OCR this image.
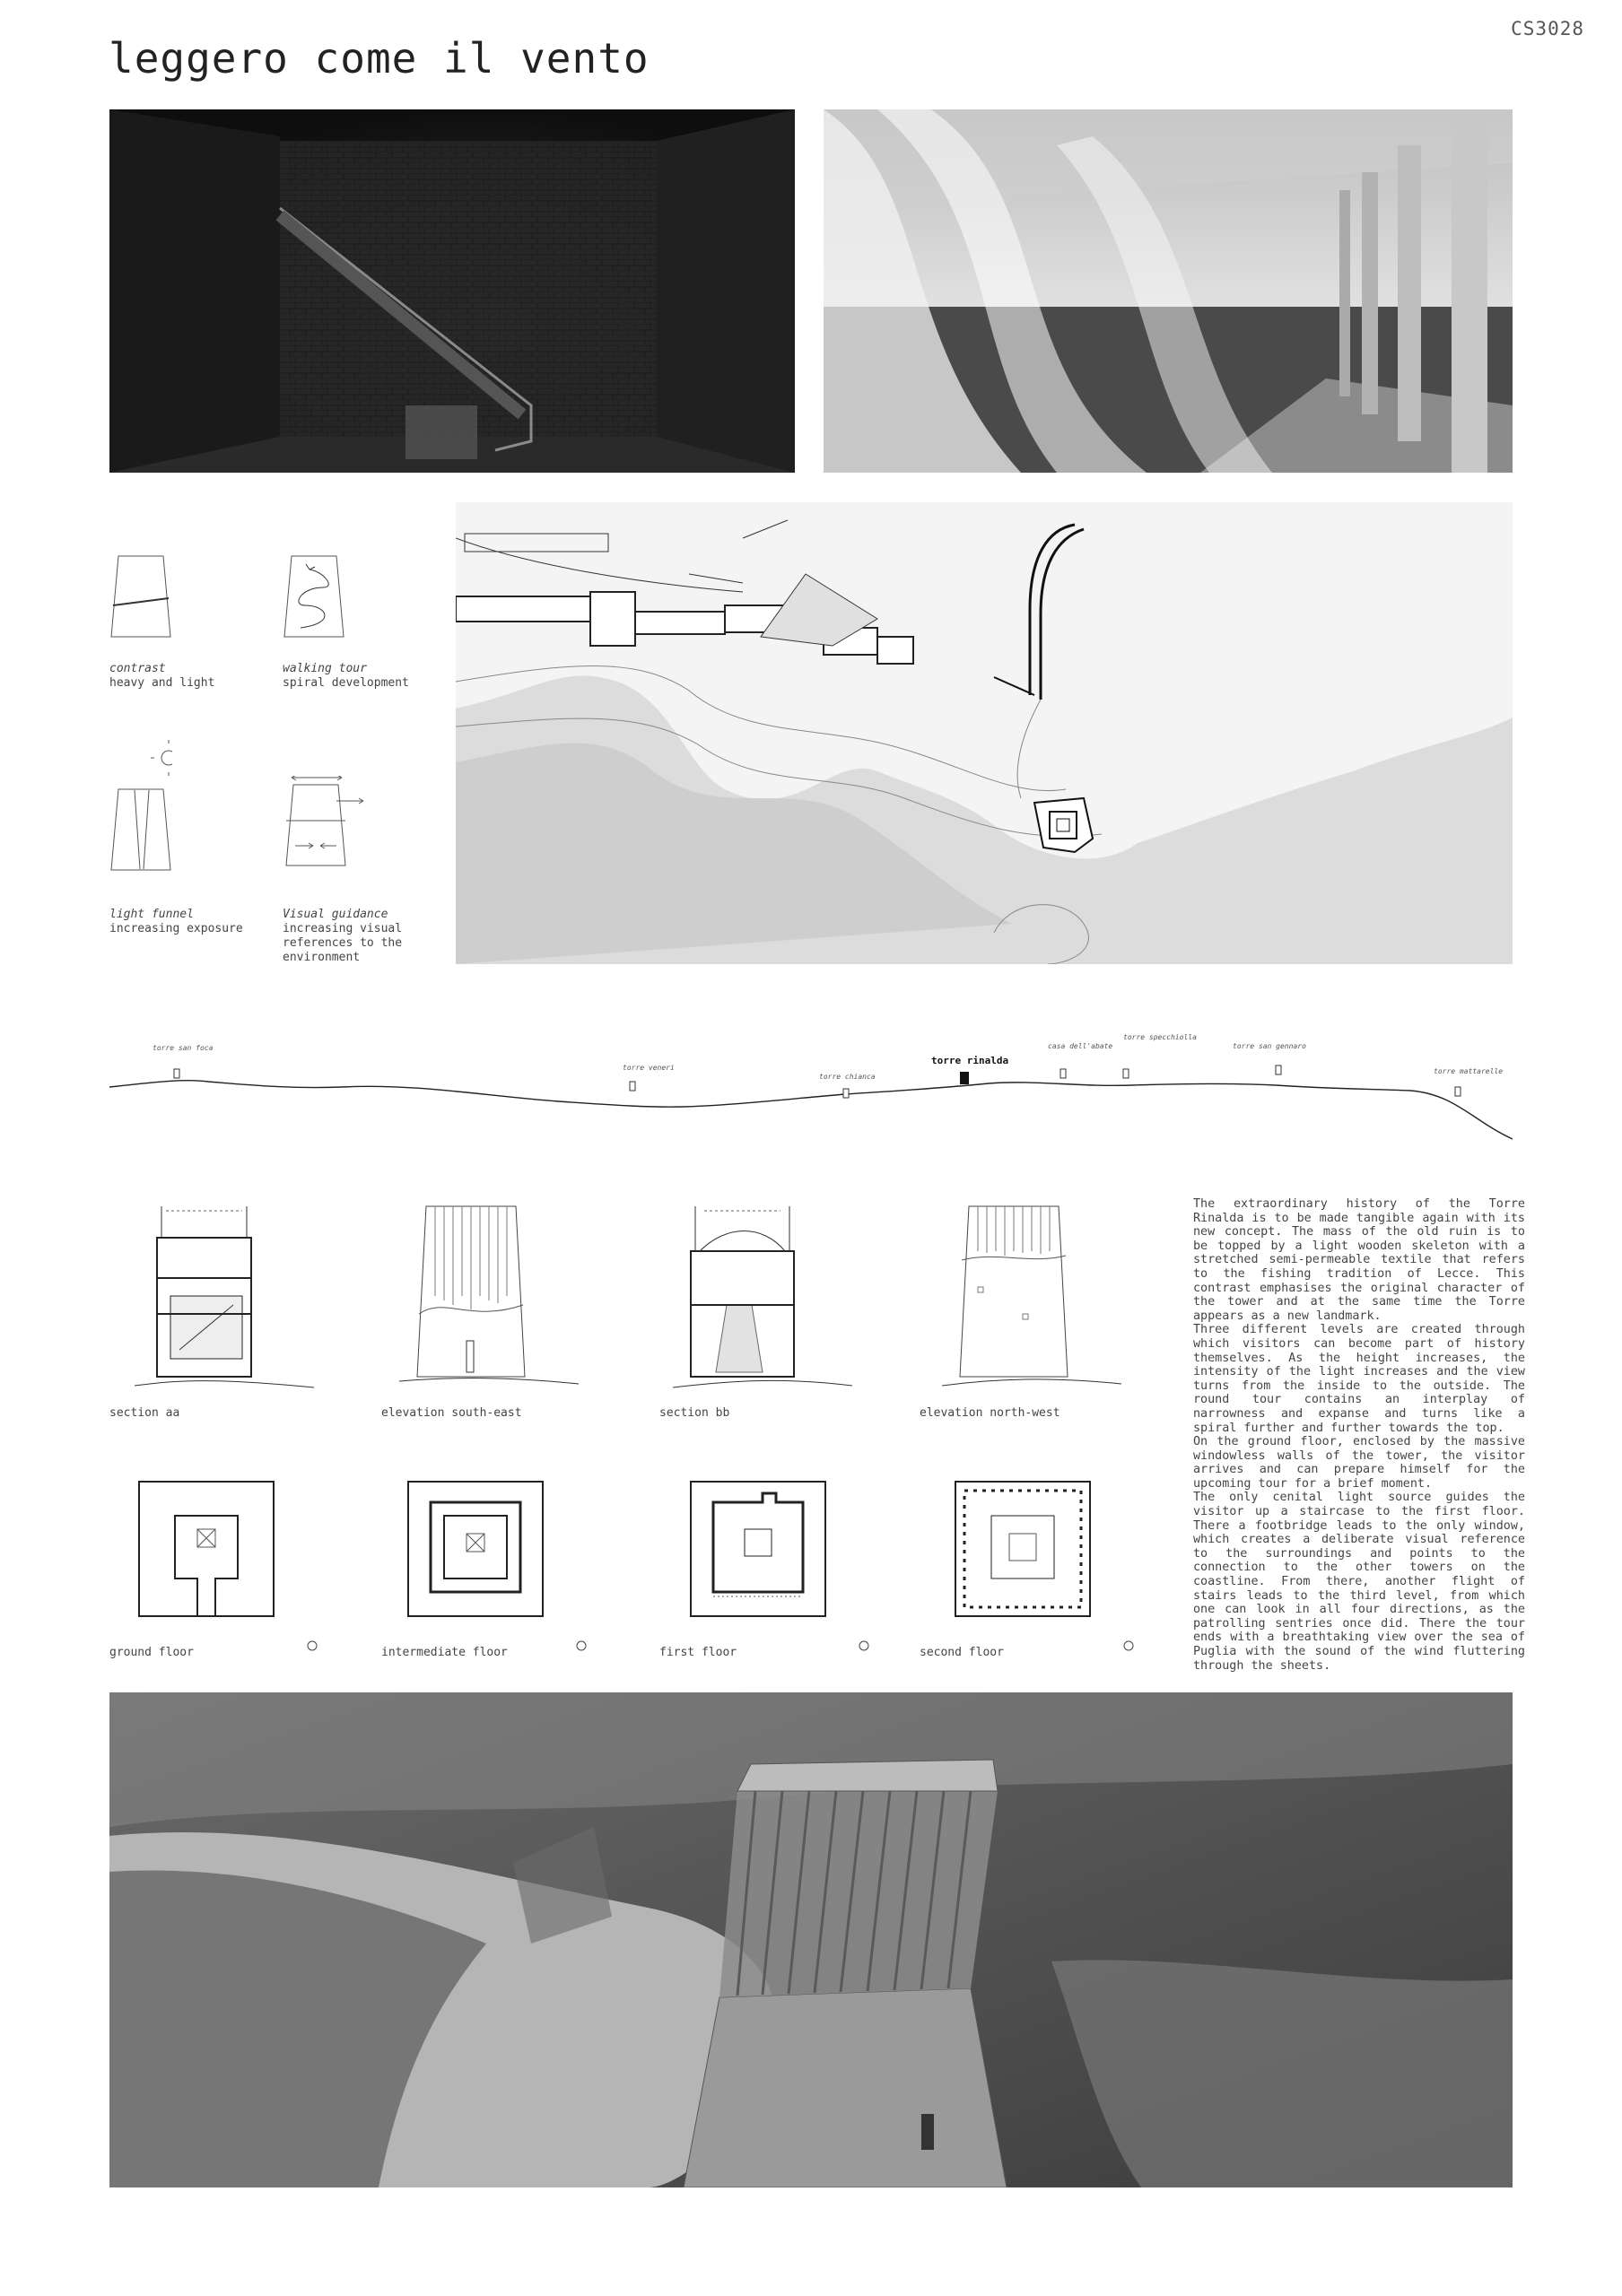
CS3028
leggero come il vento
contrast
heavy and light
walking tour
spiral development
light funnel
increasing exposure
Visual guidance
increasing visual
references to the
environment
torre san foca
torre veneri
torre chianca
torre rinalda
casa dell'abate
torre specchiolla
torre san gennaro
torre mattarelle
section aa	elevation south-east	section bb	elevation north-west
ground floor	intermediate floor	first floor	second floor

The extraordinary history of the Torre Rinalda is to be made tangible again with its new concept. The mass of the old ruin is to be topped by a light wooden skeleton with a stretched semi-permeable textile that refers to the fishing tradition of Lecce. This contrast emphasises the original character of the tower and at the same time the Torre appears as a new landmark.

Three different levels are created through which visitors can become part of history themselves. As the height increases, the intensity of the light increases and the view turns from the inside to the outside. The round tour contains an interplay of narrowness and expanse and turns like a spiral further and further towards the top.

On the ground floor, enclosed by the massive windowless walls of the tower, the visitor arrives and can prepare himself for the upcoming tour for a brief moment.

The only cenital light source guides the visitor up a staircase to the first floor. There a footbridge leads to the only window, which creates a deliberate visual reference to the surroundings and points to the connection to the other towers on the coastline. From there, another flight of stairs leads to the third level, from which one can look in all four directions, as the patrolling sentries once did. There the tour ends with a breathtaking view over the sea of Puglia with the sound of the wind fluttering through the sheets.
